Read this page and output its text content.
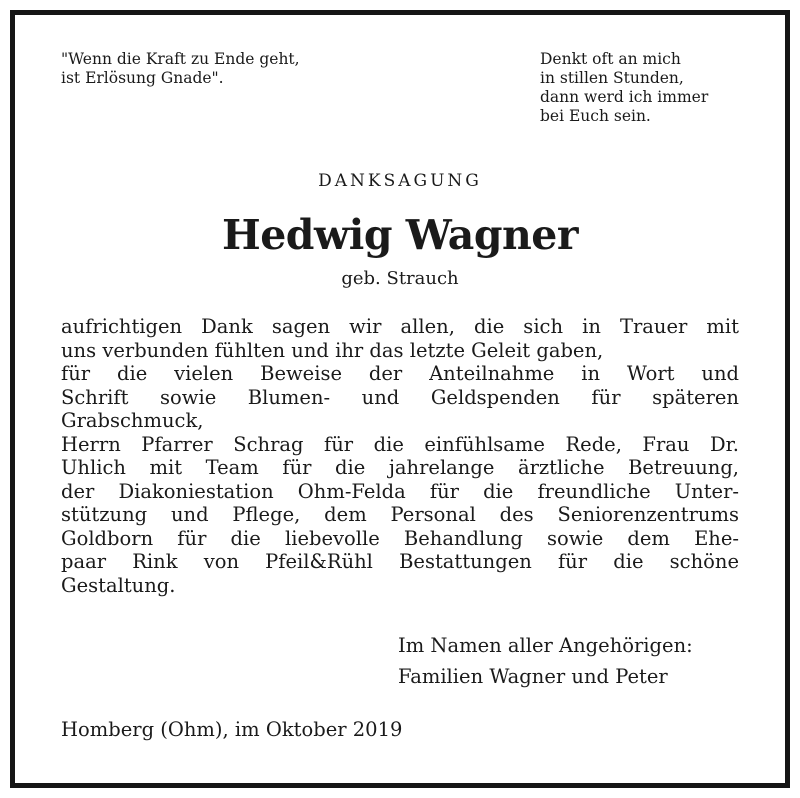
"Wenn die Kraft zu Ende geht,
ist Erlösung Gnade".
Denkt oft an mich
in stillen Stunden,
dann werd ich immer
bei Euch sein.
DANKSAGUNG
Hedwig Wagner
geb. Strauch
aufrichtigen Dank sagen wir allen, die sich in Trauer mit
uns verbunden fühlten und ihr das letzte Geleit gaben,
für die vielen Beweise der Anteilnahme in Wort und
Schrift sowie Blumen- und Geldspenden für späteren
Grabschmuck,
Herrn Pfarrer Schrag für die einfühlsame Rede, Frau Dr.
Uhlich mit Team für die jahrelange ärztliche Betreuung,
der Diakoniestation Ohm-Felda für die freundliche Unter-
stützung und Pflege, dem Personal des Seniorenzentrums
Goldborn für die liebevolle Behandlung sowie dem Ehe-
paar Rink von Pfeil&Rühl Bestattungen für die schöne
Gestaltung.
Im Namen aller Angehörigen:
Familien Wagner und Peter
Homberg (Ohm), im Oktober 2019
